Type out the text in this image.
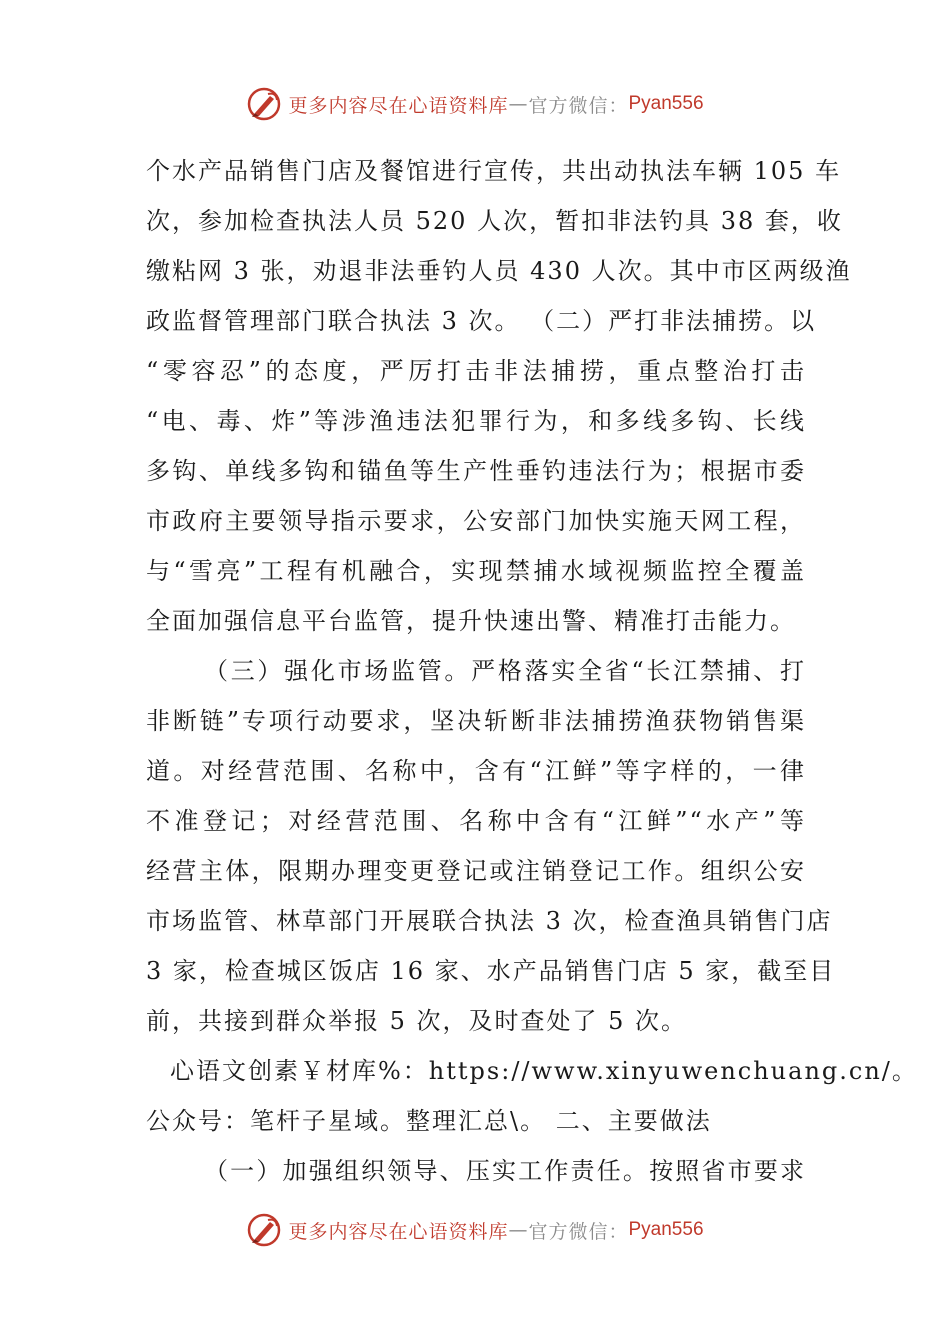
更多内容尽在心语资料库 — 官方微信： Pyan556
个水产品销售门店及餐馆进行宣传，共出动执法车辆 105 车
次，参加检查执法人员 520 人次，暂扣非法钓具 38 套，收
缴粘网 3 张，劝退非法垂钓人员 430 人次。其中市区两级渔
政监督管理部门联合执法 3 次。 （二）严打非法捕捞。以
“零容忍”的态度，严厉打击非法捕捞，重点整治打击
“电、毒、炸”等涉渔违法犯罪行为，和多线多钩、长线
多钩、单线多钩和锚鱼等生产性垂钓违法行为；根据市委
市政府主要领导指示要求，公安部门加快实施天网工程，
与“雪亮”工程有机融合，实现禁捕水域视频监控全覆盖
全面加强信息平台监管，提升快速出警、精准打击能力。
（三）强化市场监管。严格落实全省“长江禁捕、打
非断链”专项行动要求，坚决斩断非法捕捞渔获物销售渠
道。对经营范围、名称中，含有“江鲜”等字样的，一律
不准登记；对经营范围、名称中含有“江鲜”“水产”等
经营主体，限期办理变更登记或注销登记工作。组织公安
市场监管、林草部门开展联合执法 3 次，检查渔具销售门店
3 家，检查城区饭店 16 家、水产品销售门店 5 家，截至目
前，共接到群众举报 5 次，及时查处了 5 次。
心语文创素￥材库%：https://www.xinyuwenchuang.cn/。
公众号：笔杆子星域。整理汇总\。 二、主要做法
（一）加强组织领导、压实工作责任。按照省市要求
更多内容尽在心语资料库 — 官方微信： Pyan556
